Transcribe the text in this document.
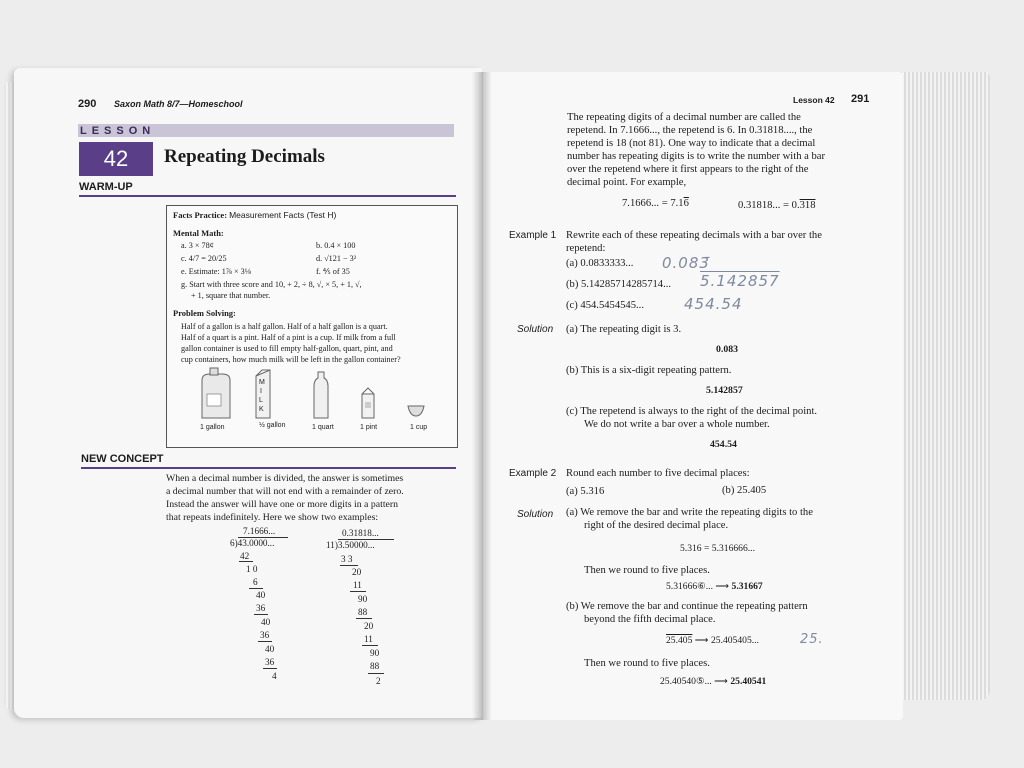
290 Saxon Math 8/7—Homeschool
LESSON
42	Repeating Decimals
WARM-UP
Facts Practice: Measurement Facts (Test H)
Mental Math:
a. 3 × 78¢	b. 0.4 × 100
c. 4/7 = 20/25	d. √121 − 3²
e. Estimate: 1⅞ × 3⅛	f. ⅘ of 35
g. Start with three score and 10, + 2, ÷ 8, √, × 5, + 1, √,
+ 1, square that number.
Problem Solving:
Half of a gallon is a half gallon. Half of a half gallon is a quart.
Half of a quart is a pint. Half of a pint is a cup. If milk from a full
gallon container is used to fill empty half-gallon, quart, pint, and
cup containers, how much milk will be left in the gallon container?
M
I
L
K
1 gallon	½ gallon	1 quart	1 pint	1 cup
NEW CONCEPT
When a decimal number is divided, the answer is sometimes
a decimal number that will not end with a remainder of zero.
Instead the answer will have one or more digits in a pattern
that repeats indefinitely. Here we show two examples:
7.1666...
6)43.0000...
42
1 0
6
40
36
40
36
40
36
4
0.31818...
11)3.50000...
3 3
20
11
90
88
20
11
90
88
2
Lesson 42 291
The repeating digits of a decimal number are called the
repetend. In 7.1666..., the repetend is 6. In 0.31818...., the
repetend is 18 (not 81). One way to indicate that a decimal
number has repeating digits is to write the number with a bar
over the repetend where it first appears to the right of the
decimal point. For example,
7.1666... = 7.16	0.31818... = 0.318
Example 1 Rewrite each of these repeating decimals with a bar over the
repetend:
(a) 0.0833333...
(b) 5.14285714285714...
(c) 454.5454545...
0.083̄
5.142857
454.54
Solution (a) The repeating digit is 3.
0.083
(b) This is a six-digit repeating pattern.
5.142857
(c) The repetend is always to the right of the decimal point.
We do not write a bar over a whole number.
454.54
Example 2 Round each number to five decimal places:
(a) 5.316	(b) 25.405
Solution (a) We remove the bar and write the repeating digits to the
right of the desired decimal place.
5.316 = 5.316666...
Then we round to five places.
5.31666⑥... ⟶ 5.31667
(b) We remove the bar and continue the repeating pattern
beyond the fifth decimal place.
25.405 ⟶ 25.405405...	25.
Then we round to five places.
25.40540⑤... ⟶ 25.40541
